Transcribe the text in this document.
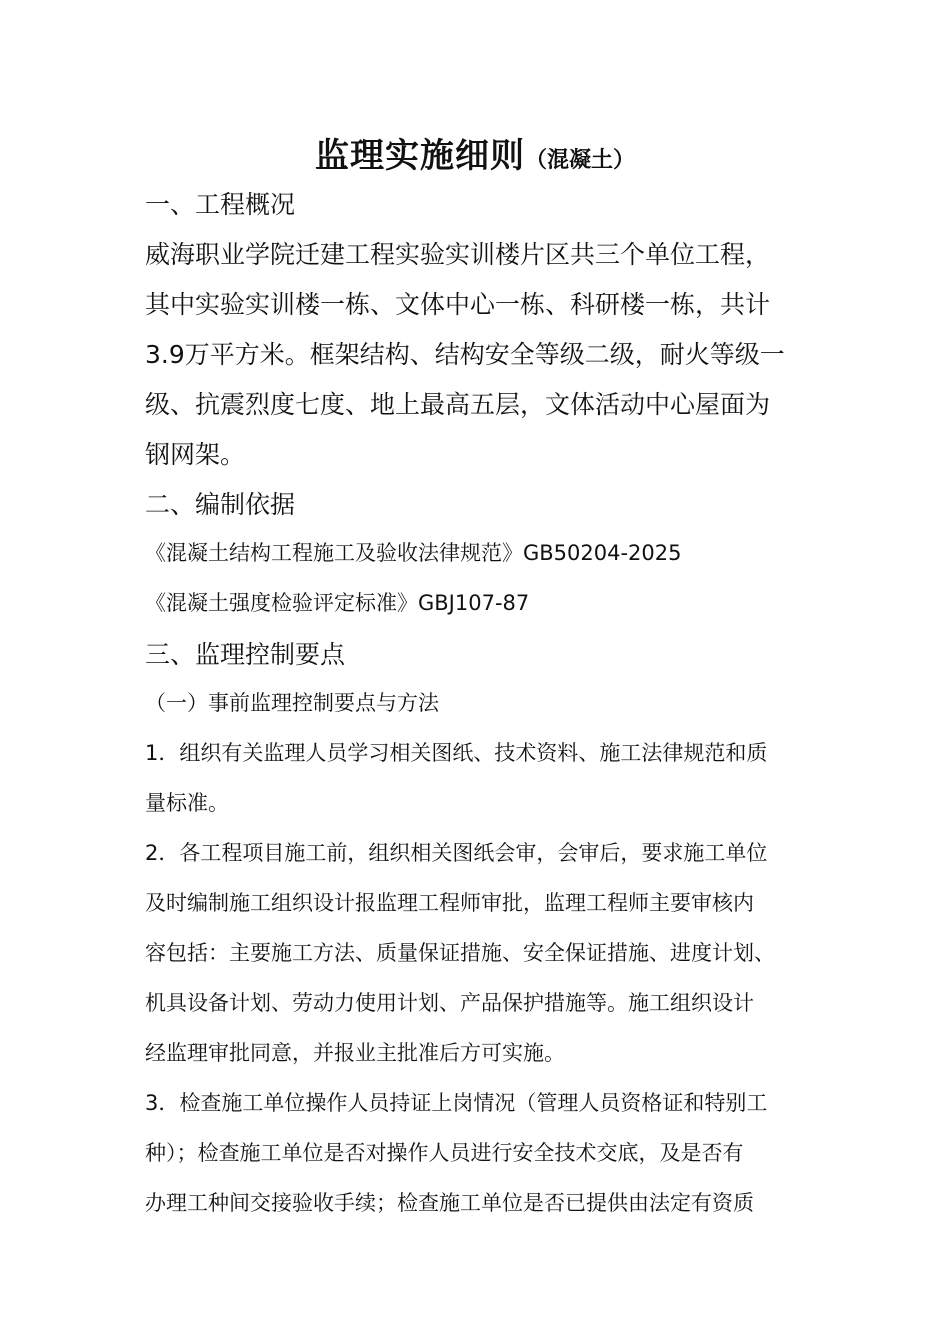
监理实施细则（混凝土）
一、工程概况
威海职业学院迁建工程实验实训楼片区共三个单位工程，
其中实验实训楼一栋、文体中心一栋、科研楼一栋，共计
3.9万平方米。框架结构、结构安全等级二级，耐火等级一
级、抗震烈度七度、地上最高五层，文体活动中心屋面为
钢网架。
二、编制依据
《混凝土结构工程施工及验收法律规范》GB50204-2025
《混凝土强度检验评定标准》GBJ107-87
三、监理控制要点
（一）事前监理控制要点与方法
1．组织有关监理人员学习相关图纸、技术资料、施工法律规范和质
量标准。
2．各工程项目施工前，组织相关图纸会审，会审后，要求施工单位
及时编制施工组织设计报监理工程师审批，监理工程师主要审核内
容包括：主要施工方法、质量保证措施、安全保证措施、进度计划、
机具设备计划、劳动力使用计划、产品保护措施等。施工组织设计
经监理审批同意，并报业主批准后方可实施。
3．检查施工单位操作人员持证上岗情况（管理人员资格证和特别工
种）；检查施工单位是否对操作人员进行安全技术交底，及是否有
办理工种间交接验收手续；检查施工单位是否已提供由法定有资质
